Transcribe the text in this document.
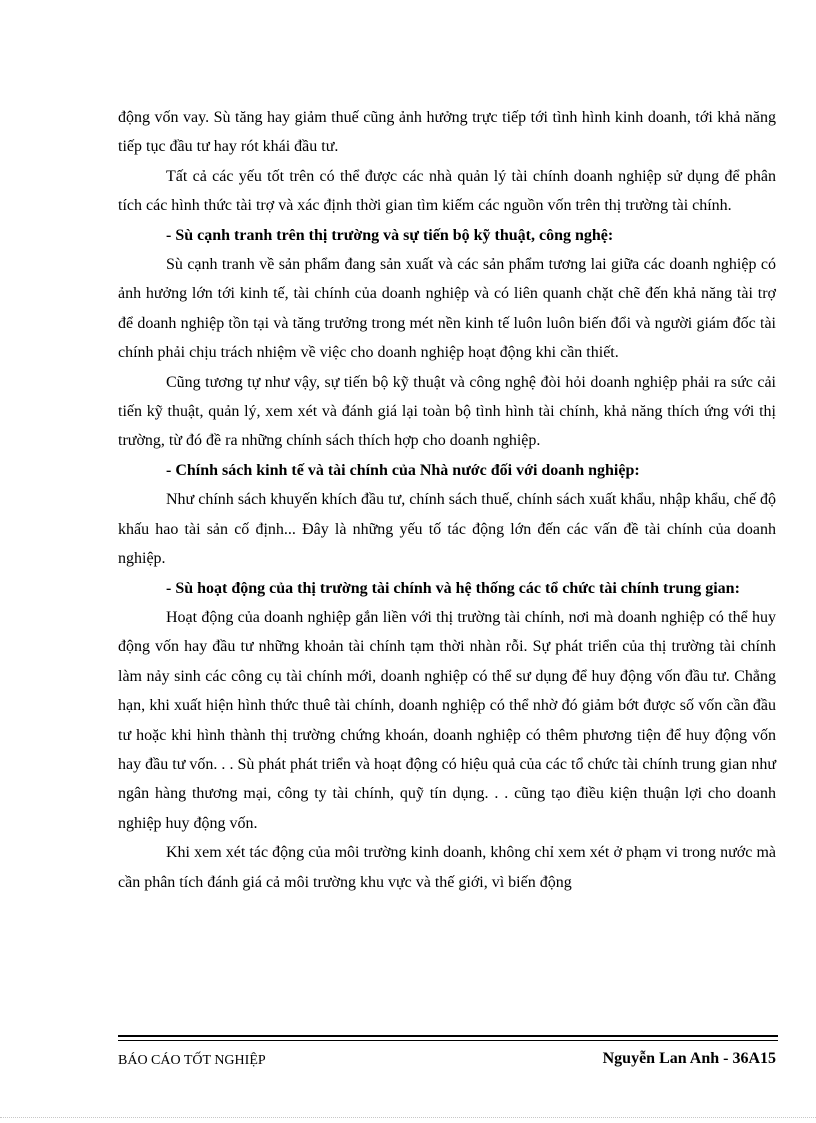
động vốn vay. Sù tăng hay giảm thuế cũng ảnh hưởng trực tiếp tới tình hình kinh doanh, tới khả năng tiếp tục đầu tư hay rót khái đầu tư.

Tất cả các yếu tốt trên có thể được các nhà quản lý tài chính doanh nghiệp sử dụng để phân tích các hình thức tài trợ và xác định thời gian tìm kiếm các nguồn vốn trên thị trường tài chính.

- Sù cạnh tranh trên thị trường và sự tiến bộ kỹ thuật, công nghệ:

Sù cạnh tranh về sản phẩm đang sản xuất và các sản phẩm tương lai giữa các doanh nghiệp có ảnh hưởng lớn tới kinh tế, tài chính của doanh nghiệp và có liên quanh chặt chẽ đến khả năng tài trợ để doanh nghiệp tồn tại và tăng trưởng trong mét nền kinh tế luôn luôn biến đổi và người giám đốc tài chính phải chịu trách nhiệm về việc cho doanh nghiệp hoạt động khi cần thiết.

Cũng tương tự như vậy, sự tiến bộ kỹ thuật và công nghệ đòi hỏi doanh nghiệp phải ra sức cải tiến kỹ thuật, quản lý, xem xét và đánh giá lại toàn bộ tình hình tài chính, khả năng thích ứng với thị trường, từ đó đề ra những chính sách thích hợp cho doanh nghiệp.

- Chính sách kinh tế và tài chính của Nhà nước đối với doanh nghiệp:

Như chính sách khuyến khích đầu tư, chính sách thuế, chính sách xuất khẩu, nhập khẩu, chế độ khấu hao tài sản cố định... Đây là những yếu tố tác động lớn đến các vấn đề tài chính của doanh nghiệp.

- Sù hoạt động của thị trường tài chính và hệ thống các tổ chức tài chính trung gian:

Hoạt động của doanh nghiệp gắn liền với thị trường tài chính, nơi mà doanh nghiệp có thể huy động vốn hay đầu tư những khoản tài chính tạm thời nhàn rỗi. Sự phát triển của thị trường tài chính làm nảy sinh các công cụ tài chính mới, doanh nghiệp có thể sư dụng để huy động vốn đầu tư. Chẳng hạn, khi xuất hiện hình thức thuê tài chính, doanh nghiệp có thể nhờ đó giảm bớt được số vốn cần đầu tư hoặc khi hình thành thị trường chứng khoán, doanh nghiệp có thêm phương tiện để huy động vốn hay đầu tư vốn. . . Sù phát phát triển và hoạt động có hiệu quả của các tổ chức tài chính trung gian như ngân hàng thương mại, công ty tài chính, quỹ tín dụng. . . cũng tạo điều kiện thuận lợi cho doanh nghiệp huy động vốn.

Khi xem xét tác động của môi trường kinh doanh, không chỉ xem xét ở phạm vi trong nước mà cần phân tích đánh giá cả môi trường khu vực và thế giới, vì biến động

BÁO CÁO TỐT NGHIỆP	Nguyễn Lan Anh - 36A15
